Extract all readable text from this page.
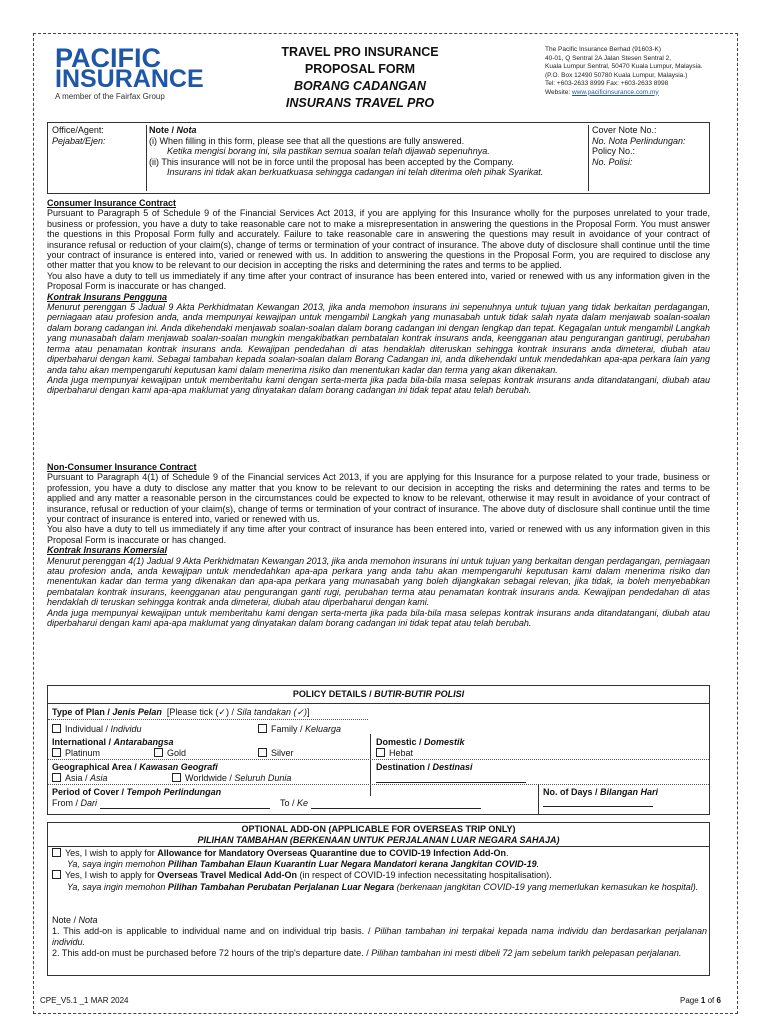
PACIFIC
INSURANCE
A member of the Fairfax Group
TRAVEL PRO INSURANCE
PROPOSAL FORM
BORANG CADANGAN
INSURANS TRAVEL PRO
The Pacific Insurance Berhad (91603-K)
40-01, Q Sentral 2A Jalan Stesen Sentral 2,
Kuala Lumpur Sentral, 50470 Kuala Lumpur, Malaysia.
(P.O. Box 12490 50780 Kuala Lumpur, Malaysia.)
Tel: +603-2633 8999 Fax: +603-2633 8998
Website: www.pacificinsurance.com.my
Office/Agent:
Pejabat/Ejen:
Note / Nota
(i) When filling in this form, please see that all the questions are fully answered.
Ketika mengisi borang ini, sila pastikan semua soalan telah dijawab sepenuhnya.
(ii) This insurance will not be in force until the proposal has been accepted by the Company.
Insurans ini tidak akan berkuatkuasa sehingga cadangan ini telah diterima oleh pihak Syarikat.
Cover Note No.:
No. Nota Perlindungan:
Policy No.:
No. Polisi:

Consumer Insurance Contract

Pursuant to Paragraph 5 of Schedule 9 of the Financial Services Act 2013, if you are applying for this Insurance wholly for the purposes unrelated to your trade, business or profession, you have a duty to take reasonable care not to make a misrepresentation in answering the questions in the Proposal Form. You must answer the questions in this Proposal Form fully and accurately. Failure to take reasonable care in answering the questions may result in avoidance of your contract of insurance refusal or reduction of your claim(s), change of terms or termination of your contract of insurance. The above duty of disclosure shall continue until the time your contract of insurance is entered into, varied or renewed with us. In addition to answering the questions in the Proposal Form, you are required to disclose any other matter that you know to be relevant to our decision in accepting the risks and determining the rates and terms to be applied.

You also have a duty to tell us immediately if any time after your contract of insurance has been entered into, varied or renewed with us any information given in the Proposal Form is inaccurate or has changed.

Kontrak Insurans Pengguna

Menurut perenggan 5 Jadual 9 Akta Perkhidmatan Kewangan 2013, jika anda memohon insurans ini sepenuhnya untuk tujuan yang tidak berkaitan perdagangan, perniagaan atau profesion anda, anda mempunyai kewajipan untuk mengambil Langkah yang munasabah untuk tidak salah nyata dalam menjawab soalan-soalan dalam borang cadangan ini. Anda dikehendaki menjawab soalan-soalan dalam borang cadangan ini dengan lengkap dan tepat. Kegagalan untuk mengambil Langkah yang munasabah dalam menjawab soalan-soalan mungkin mengakibatkan pembatalan kontrak insurans anda, keengganan atau pengurangan gantirugi, perubahan terma atau penamatan kontrak insurans anda. Kewajipan pendedahan di atas hendaklah diteruskan sehingga kontrak insurans anda dimeterai, diubah atau diperbaharui dengan kami. Sebagai tambahan kepada soalan-soalan dalam Borang Cadangan ini, anda dikehendaki untuk mendedahkan apa-apa perkara lain yang anda tahu akan mempengaruhi keputusan kami dalam menerima risiko dan menentukan kadar dan terma yang akan dikenakan.

Anda juga mempunyai kewajipan untuk memberitahu kami dengan serta-merta jika pada bila-bila masa selepas kontrak insurans anda ditandatangani, diubah atau diperbaharui dengan kami apa-apa maklumat yang dinyatakan dalam borang cadangan ini tidak tepat atau telah berubah.

Non-Consumer Insurance Contract

Pursuant to Paragraph 4(1) of Schedule 9 of the Financial services Act 2013, if you are applying for this Insurance for a purpose related to your trade, business or profession, you have a duty to disclose any matter that you know to be relevant to our decision in accepting the risks and determining the rates and terms to be applied and any matter a reasonable person in the circumstances could be expected to know to be relevant, otherwise it may result in avoidance of your contract of insurance, refusal or reduction of your claim(s), change of terms or termination of your contract of insurance. The above duty of disclosure shall continue until the time your contract of insurance is entered into, varied or renewed with us.

You also have a duty to tell us immediately if any time after your contract of insurance has been entered into, varied or renewed with us any information given in this Proposal Form is inaccurate or has changed.

Kontrak Insurans Komersial

Menurut perenggan 4(1) Jadual 9 Akta Perkhidmatan Kewangan 2013, jika anda memohon insurans ini untuk tujuan yang berkaitan dengan perdagangan, perniagaan atau profesion anda, anda kewajipan untuk mendedahkan apa-apa perkara yang anda tahu akan mempengaruhi keputusan kami dalam menerima risiko dan menentukan kadar dan terma yang dikenakan dan apa-apa perkara yang munasabah yang boleh dijangkakan sebagai relevan, jika tidak, ia boleh menyebabkan pembatalan kontrak insurans, keengganan atau pengurangan ganti rugi, perubahan terma atau penamatan kontrak insurans anda. Kewajipan pendedahan di atas hendaklah di teruskan sehingga kontrak anda dimeterai, diubah atau diperbaharui dengan kami.

Anda juga mempunyai kewajipan untuk memberitahu kami dengan serta-merta jika pada bila-bila masa selepas kontrak insurans anda ditandatangani, diubah atau diperbaharui dengan kami apa-apa maklumat yang dinyatakan dalam borang cadangan ini tidak tepat atau telah berubah.

POLICY DETAILS / BUTIR-BUTIR POLISI
Type of Plan / Jenis Pelan [Please tick (✓) / Sila tandakan (✓)]
Individual / Individu	Family / Keluarga
International / Antarabangsa	Domestic / Domestik
Platinum	Gold	Silver	Hebat
Geographical Area / Kawasan Geografi	Destination / Destinasi
Asia / Asia	Worldwide / Seluruh Dunia
Period of Cover / Tempoh Perlindungan
From / Dari	To / Ke
No. of Days / Bilangan Hari
OPTIONAL ADD-ON (APPLICABLE FOR OVERSEAS TRIP ONLY)
PILIHAN TAMBAHAN (BERKENAAN UNTUK PERJALANAN LUAR NEGARA SAHAJA)
Yes, I wish to apply for Allowance for Mandatory Overseas Quarantine due to COVID-19 Infection Add-On.
Ya, saya ingin memohon Pilihan Tambahan Elaun Kuarantin Luar Negara Mandatori kerana Jangkitan COVID-19.
Yes, I wish to apply for Overseas Travel Medical Add-On (in respect of COVID-19 infection necessitating hospitalisation).
Ya, saya ingin memohon Pilihan Tambahan Perubatan Perjalanan Luar Negara (berkenaan jangkitan COVID-19 yang memerlukan kemasukan ke hospital).
Note / Nota
1. This add-on is applicable to individual name and on individual trip basis. / Pilihan tambahan ini terpakai kepada nama individu dan berdasarkan perjalanan individu.
2. This add-on must be purchased before 72 hours of the trip's departure date. / Pilihan tambahan ini mesti dibeli 72 jam sebelum tarikh pelepasan perjalanan.
CPE_V5.1 _1 MAR 2024	Page 1 of 6
